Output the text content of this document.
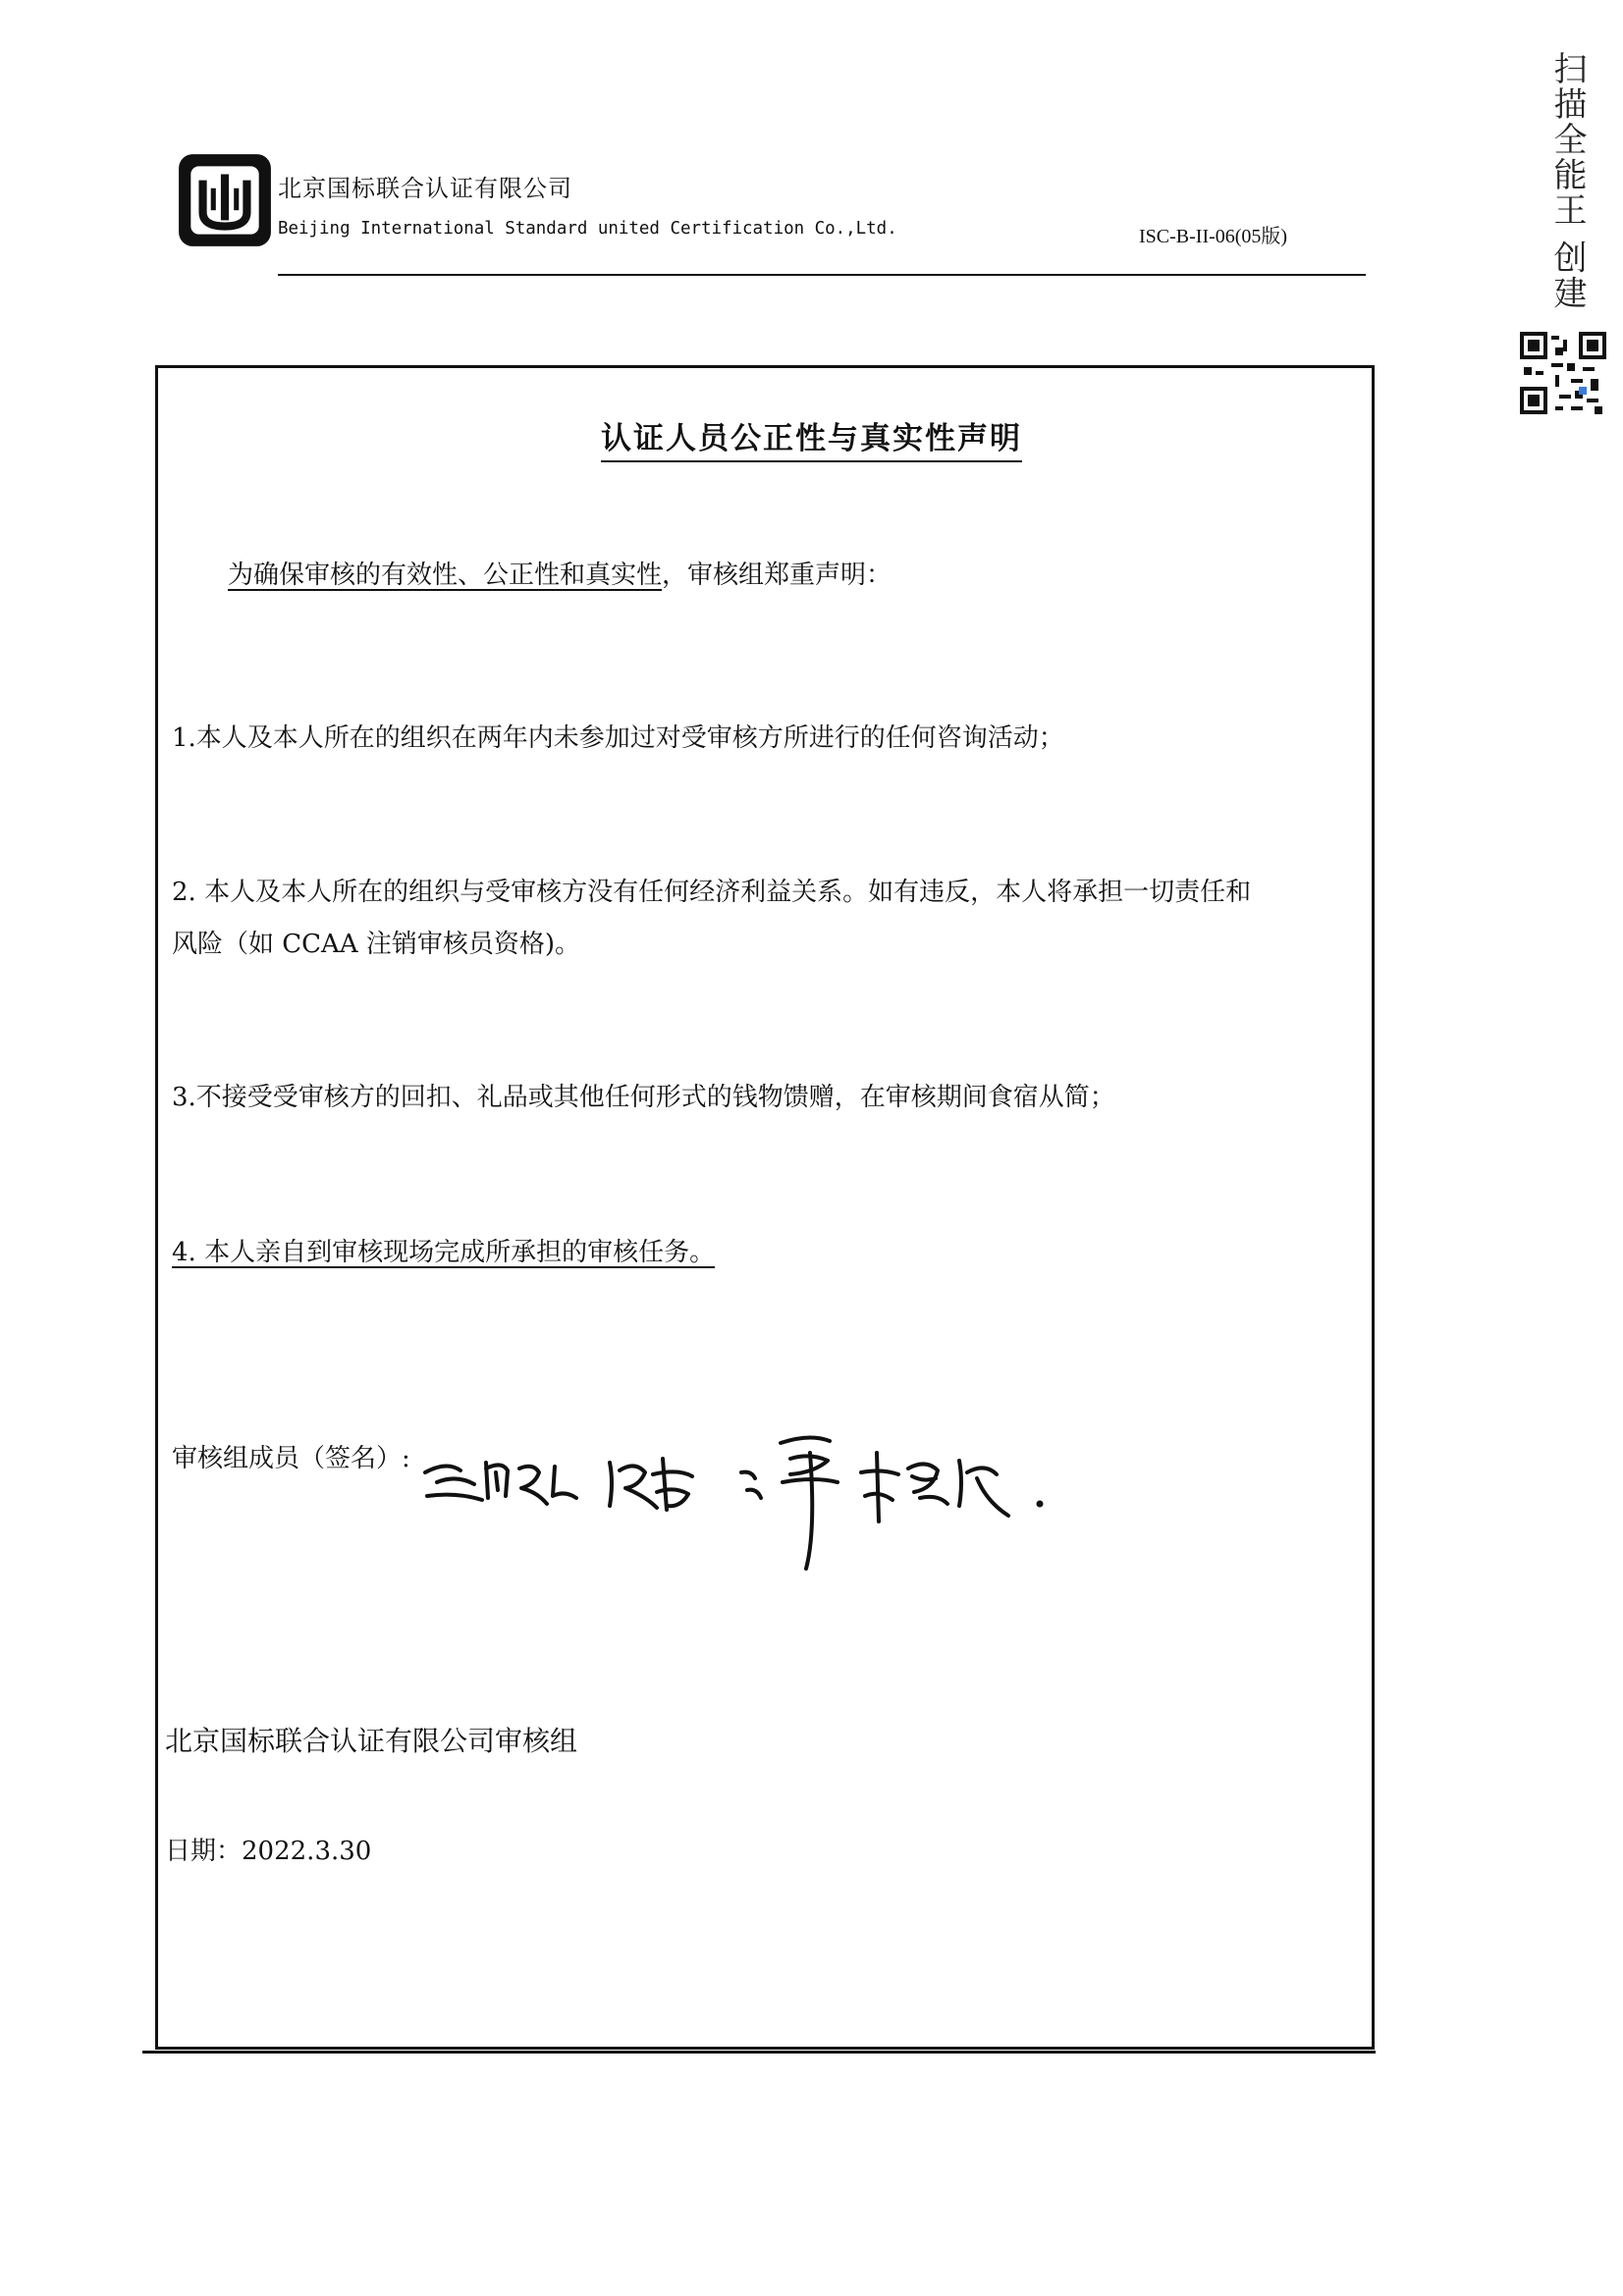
北京国标联合认证有限公司
Beijing International Standard united Certification Co.,Ltd.	ISC-B-II-06(05版)	扫描全能王 创建
认证人员公正性与真实性声明
为确保审核的有效性、公正性和真实性，审核组郑重声明：
1.本人及本人所在的组织在两年内未参加过对受审核方所进行的任何咨询活动；
2. 本人及本人所在的组织与受审核方没有任何经济利益关系。如有违反，本人将承担一切责任和
风险（如 CCAA 注销审核员资格)。
3.不接受受审核方的回扣、礼品或其他任何形式的钱物馈赠，在审核期间食宿从简；
4. 本人亲自到审核现场完成所承担的审核任务。
审核组成员（签名）:
北京国标联合认证有限公司审核组
日期：2022.3.30
